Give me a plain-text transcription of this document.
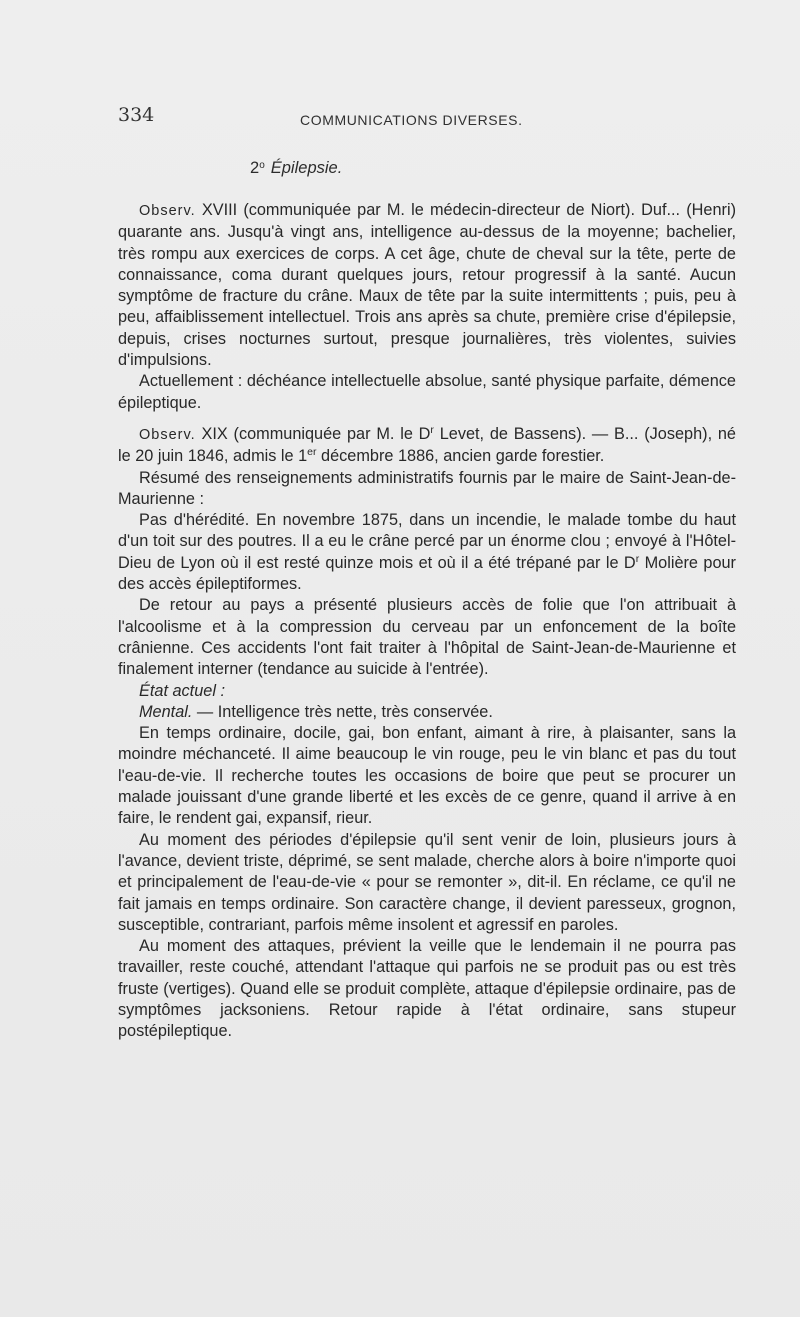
334	COMMUNICATIONS DIVERSES.
2$^o$ Épilepsie.

Observ. XVIII (communiquée par M. le médecin-directeur de Niort). Duf... (Henri) quarante ans. Jusqu'à vingt ans, intelligence au-dessus de la moyenne; bachelier, très rompu aux exercices de corps. A cet âge, chute de cheval sur la tête, perte de connaissance, coma durant quelques jours, retour progressif à la santé. Aucun symptôme de fracture du crâne. Maux de tête par la suite intermittents ; puis, peu à peu, affaiblissement intellectuel. Trois ans après sa chute, première crise d'épilepsie, depuis, crises nocturnes surtout, presque journalières, très violentes, suivies d'impulsions.

Actuellement : déchéance intellectuelle absolue, santé physique parfaite, démence épileptique.

Observ. XIX (communiquée par M. le $D^r$ Levet, de Bassens). — B... (Joseph), né le 20 juin 1846, admis le 1er décembre 1886, ancien garde forestier.

Résumé des renseignements administratifs fournis par le maire de Saint-Jean-de-Maurienne :

Pas d'hérédité. En novembre 1875, dans un incendie, le malade tombe du haut d'un toit sur des poutres. Il a eu le crâne percé par un énorme clou ; envoyé à l'Hôtel-Dieu de Lyon où il est resté quinze mois et où il a été trépané par le $D^r$ Molière pour des accès épileptiformes.

De retour au pays a présenté plusieurs accès de folie que l'on attribuait à l'alcoolisme et à la compression du cerveau par un enfoncement de la boîte crânienne. Ces accidents l'ont fait traiter à l'hôpital de Saint-Jean-de-Maurienne et finalement interner (tendance au suicide à l'entrée).

État actuel :

Mental. — Intelligence très nette, très conservée.

En temps ordinaire, docile, gai, bon enfant, aimant à rire, à plaisanter, sans la moindre méchanceté. Il aime beaucoup le vin rouge, peu le vin blanc et pas du tout l'eau-de-vie. Il recherche toutes les occasions de boire que peut se procurer un malade jouissant d'une grande liberté et les excès de ce genre, quand il arrive à en faire, le rendent gai, expansif, rieur.

Au moment des périodes d'épilepsie qu'il sent venir de loin, plusieurs jours à l'avance, devient triste, déprimé, se sent malade, cherche alors à boire n'importe quoi et principalement de l'eau-de-vie « pour se remonter », dit-il. En réclame, ce qu'il ne fait jamais en temps ordinaire. Son caractère change, il devient paresseux, grognon, susceptible, contrariant, parfois même insolent et agressif en paroles.

Au moment des attaques, prévient la veille que le lendemain il ne pourra pas travailler, reste couché, attendant l'attaque qui parfois ne se produit pas ou est très fruste (vertiges). Quand elle se produit complète, attaque d'épilepsie ordinaire, pas de symptômes jacksoniens. Retour rapide à l'état ordinaire, sans stupeur postépileptique.
